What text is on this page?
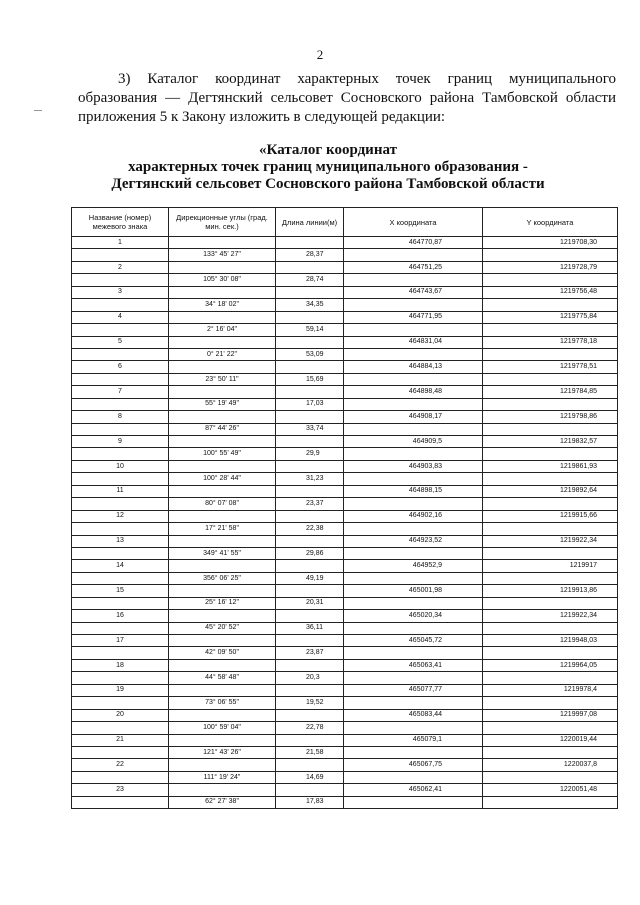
2

3) Каталог координат характерных точек границ муниципального образования — Дегтянский сельсовет Сосновского района Тамбовской области приложения 5 к Закону изложить в следующей редакции:

«Каталог координат
характерных точек границ муниципального образования -
Дегтянский сельсовет Сосновского района Тамбовской области
Название (номер) межевого знака	Дирекционные углы (град. мин. сек.)	Длина линии(м)	X координата	Y координата
1			464770,87	1219708,30
	133° 45' 27"	28,37		
2			464751,25	1219728,79
	105° 30' 08"	28,74		
3			464743,67	1219756,48
	34° 18' 02"	34,35		
4			464771,95	1219775,84
	2° 16' 04"	59,14		
5			464831,04	1219778,18
	0° 21' 22"	53,09		
6			464884,13	1219778,51
	23° 50' 11"	15,69		
7			464898,48	1219784,85
	55° 19' 49"	17,03		
8			464908,17	1219798,86
	87° 44' 26"	33,74		
9			464909,5	1219832,57
	100° 55' 49"	29,9		
10			464903,83	1219861,93
	100° 28' 44"	31,23		
11			464898,15	1219892,64
	80° 07' 08"	23,37		
12			464902,16	1219915,66
	17° 21' 58"	22,38		
13			464923,52	1219922,34
	349° 41' 55"	29,86		
14			464952,9	1219917
	356° 06' 25"	49,19		
15			465001,98	1219913,86
	25° 16' 12"	20,31		
16			465020,34	1219922,34
	45° 20' 52"	36,11		
17			465045,72	1219948,03
	42° 09' 50"	23,87		
18			465063,41	1219964,05
	44° 58' 48"	20,3		
19			465077,77	1219978,4
	73° 06' 55"	19,52		
20			465083,44	1219997,08
	100° 59' 04"	22,78		
21			465079,1	1220019,44
	121° 43' 26"	21,58		
22			465067,75	1220037,8
	111° 19' 24"	14,69		
23			465062,41	1220051,48
	62° 27' 38"	17,83		
